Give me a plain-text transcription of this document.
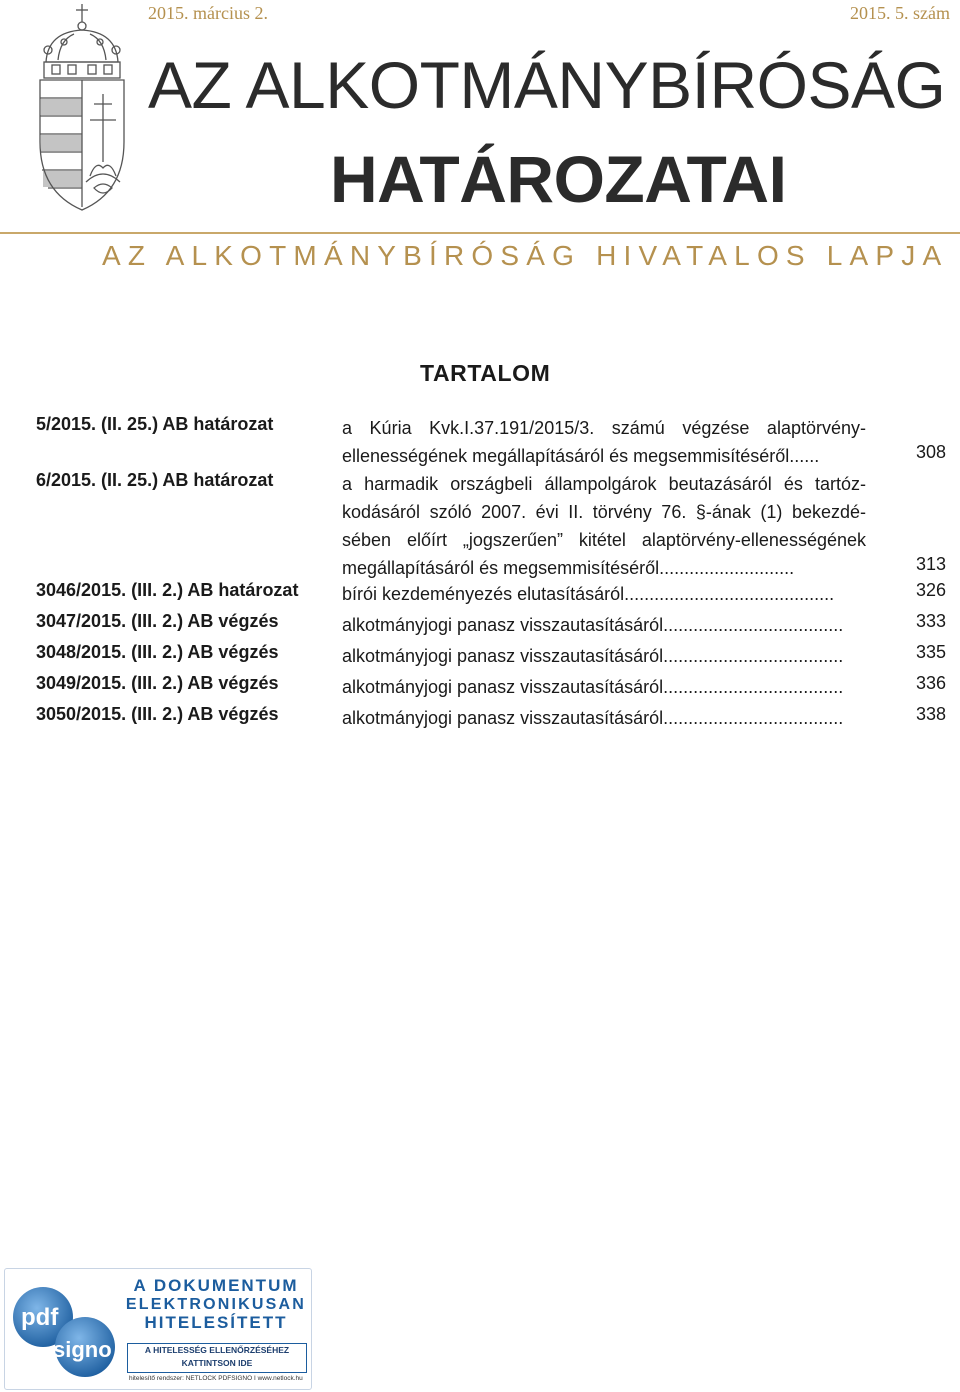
2015. március 2.	2015. 5. szám
AZ ALKOTMÁNYBÍRÓSÁG
HATÁROZATAI
AZ ALKOTMÁNYBÍRÓSÁG HIVATALOS LAPJA
TARTALOM
5/2015. (II. 25.) AB határozat	a Kúria Kvk.I.37.191/2015/3. számú végzése alaptörvény-
ellenességének megállapításáról és megsemmisítéséről......	308
6/2015. (II. 25.) AB határozat	a harmadik országbeli állampolgárok beutazásáról és tartóz-
kodásáról szóló 2007. évi II. törvény 76. §-ának (1) bekezdé-
sében előírt „jogszerűen” kitétel alaptörvény-ellenességének
megállapításáról és megsemmisítéséről...........................	313
3046/2015. (III. 2.) AB határozat bírói kezdeményezés elutasításáról..........................................	326
3047/2015. (III. 2.) AB végzés	alkotmányjogi panasz visszautasításáról....................................	333
3048/2015. (III. 2.) AB végzés	alkotmányjogi panasz visszautasításáról....................................	335
3049/2015. (III. 2.) AB végzés	alkotmányjogi panasz visszautasításáról....................................	336
3050/2015. (III. 2.) AB végzés	alkotmányjogi panasz visszautasításáról....................................	338
pdf
signo
A DOKUMENTUM
ELEKTRONIKUSAN
HITELESÍTETT
A HITELESSÉG ELLENŐRZÉSÉHEZ
KATTINTSON IDE
hitelesítő rendszer: NETLOCK PDFSIGNO I www.netlock.hu
